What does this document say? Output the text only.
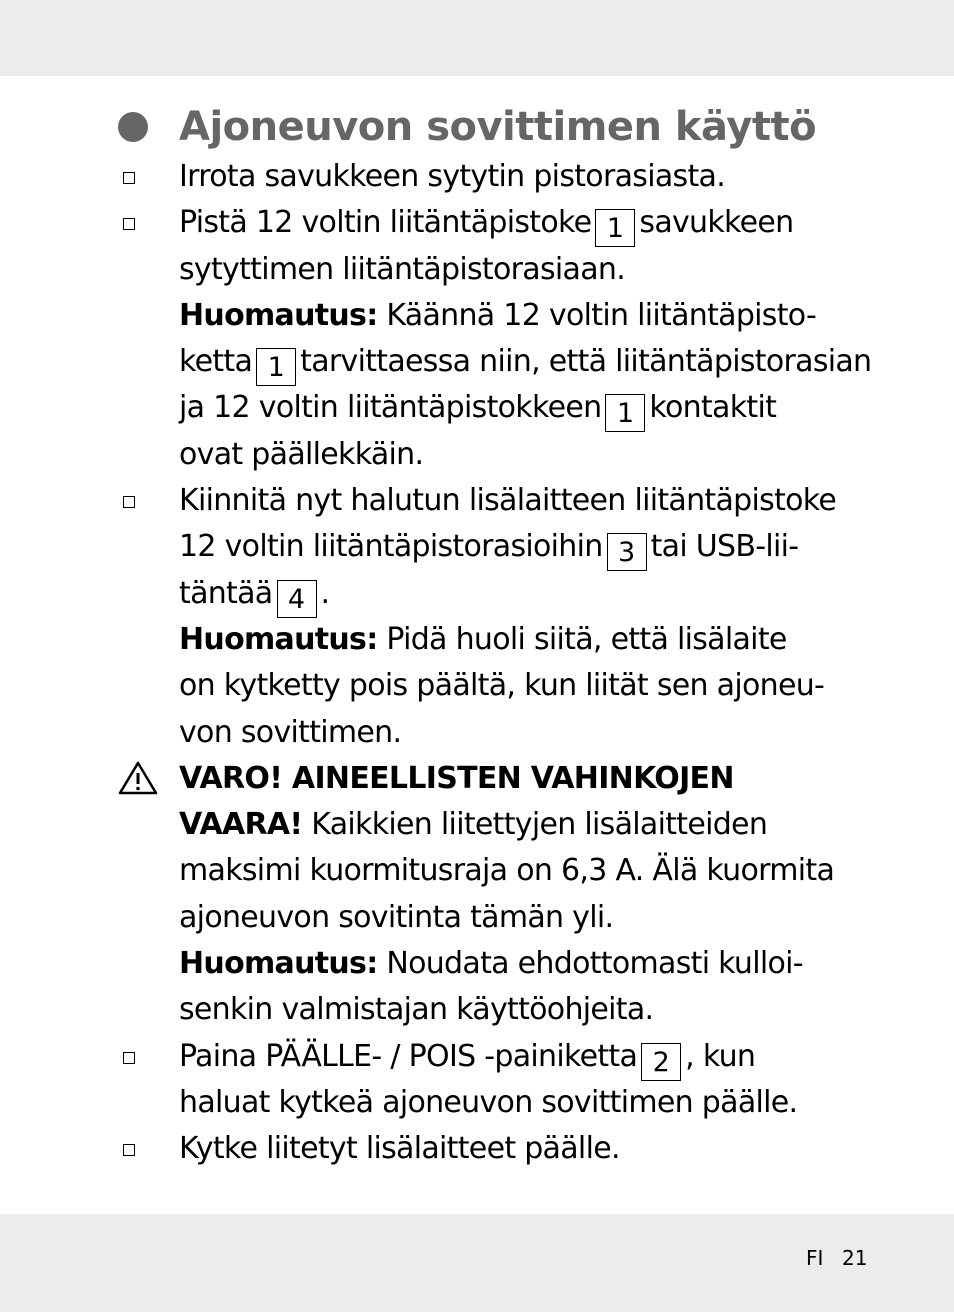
Ajoneuvon sovittimen käyttö
Irrota savukkeen sytytin pistorasiasta.
Pistä 12 voltin liitäntäpistoke 1 savukkeen
sytyttimen liitäntäpistorasiaan.
Huomautus: Käännä 12 voltin liitäntäpisto-
ketta 1 tarvittaessa niin, että liitäntäpistorasian
ja 12 voltin liitäntäpistokkeen 1 kontaktit
ovat päällekkäin.
Kiinnitä nyt halutun lisälaitteen liitäntäpistoke
12 voltin liitäntäpistorasioihin 3 tai USB-lii-
täntää 4 .
Huomautus: Pidä huoli siitä, että lisälaite
on kytketty pois päältä, kun liität sen ajoneu-
von sovittimen.
VARO! AINEELLISTEN VAHINKOJEN
VAARA! Kaikkien liitettyjen lisälaitteiden
maksimi kuormitusraja on 6,3 A. Älä kuormita
ajoneuvon sovitinta tämän yli.
Huomautus: Noudata ehdottomasti kulloi-
senkin valmistajan käyttöohjeita.
Paina PÄÄLLE- / POIS -painiketta 2 , kun
haluat kytkeä ajoneuvon sovittimen päälle.
Kytke liitetyt lisälaitteet päälle.
FI 21
